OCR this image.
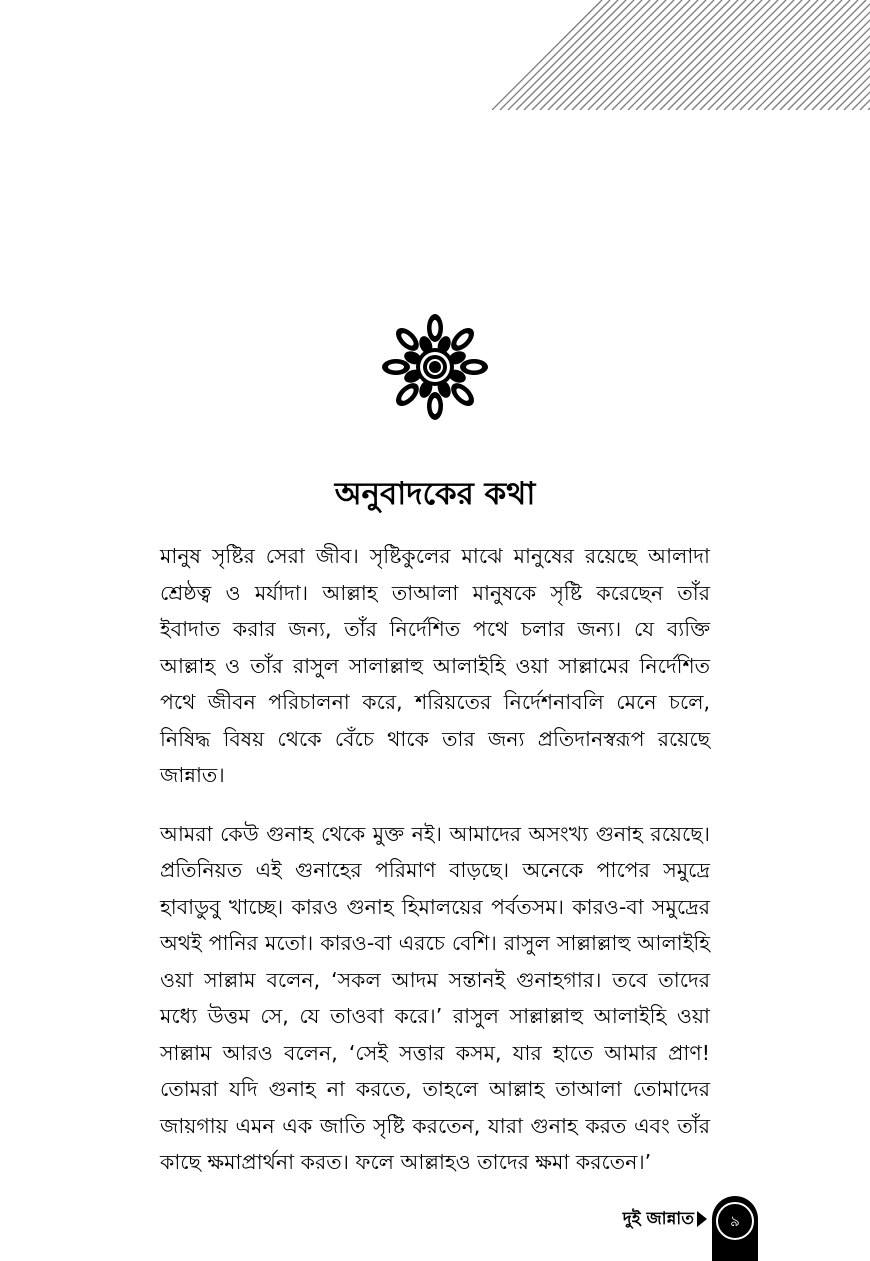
অনুবাদকের কথা

মানুষ সৃষ্টির সেরা জীব। সৃষ্টিকুলের মাঝে মানুষের রয়েছে আলাদা শ্রেষ্ঠত্ব ও মর্যাদা। আল্লাহ তাআলা মানুষকে সৃষ্টি করেছেন তাঁর ইবাদাত করার জন্য, তাঁর নির্দেশিত পথে চলার জন্য। যে ব্যক্তি আল্লাহ ও তাঁর রাসুল সালাল্লাহু আলাইহি ওয়া সাল্লামের নির্দেশিত পথে জীবন পরিচালনা করে, শরিয়তের নির্দেশনাবলি মেনে চলে, নিষিদ্ধ বিষয় থেকে বেঁচে থাকে তার জন্য প্রতিদানস্বরূপ রয়েছে জান্নাত।

আমরা কেউ গুনাহ থেকে মুক্ত নই। আমাদের অসংখ্য গুনাহ রয়েছে। প্রতিনিয়ত এই গুনাহের পরিমাণ বাড়ছে। অনেকে পাপের সমুদ্রে হাবাডুবু খাচ্ছে। কারও গুনাহ হিমালয়ের পর্বতসম। কারও-বা সমুদ্রের অথই পানির মতো। কারও-বা এরচে বেশি। রাসুল সাল্লাল্লাহু আলাইহি ওয়া সাল্লাম বলেন, ‘সকল আদম সন্তানই গুনাহগার। তবে তাদের মধ্যে উত্তম সে, যে তাওবা করে।’ রাসুল সাল্লাল্লাহু আলাইহি ওয়া সাল্লাম আরও বলেন, ‘সেই সত্তার কসম, যার হাতে আমার প্রাণ! তোমরা যদি গুনাহ না করতে, তাহলে আল্লাহ তাআলা তোমাদের জায়গায় এমন এক জাতি সৃষ্টি করতেন, যারা গুনাহ করত এবং তাঁর কাছে ক্ষমাপ্রার্থনা করত। ফলে আল্লাহও তাদের ক্ষমা করতেন।’

দুই জান্নাত	৯
